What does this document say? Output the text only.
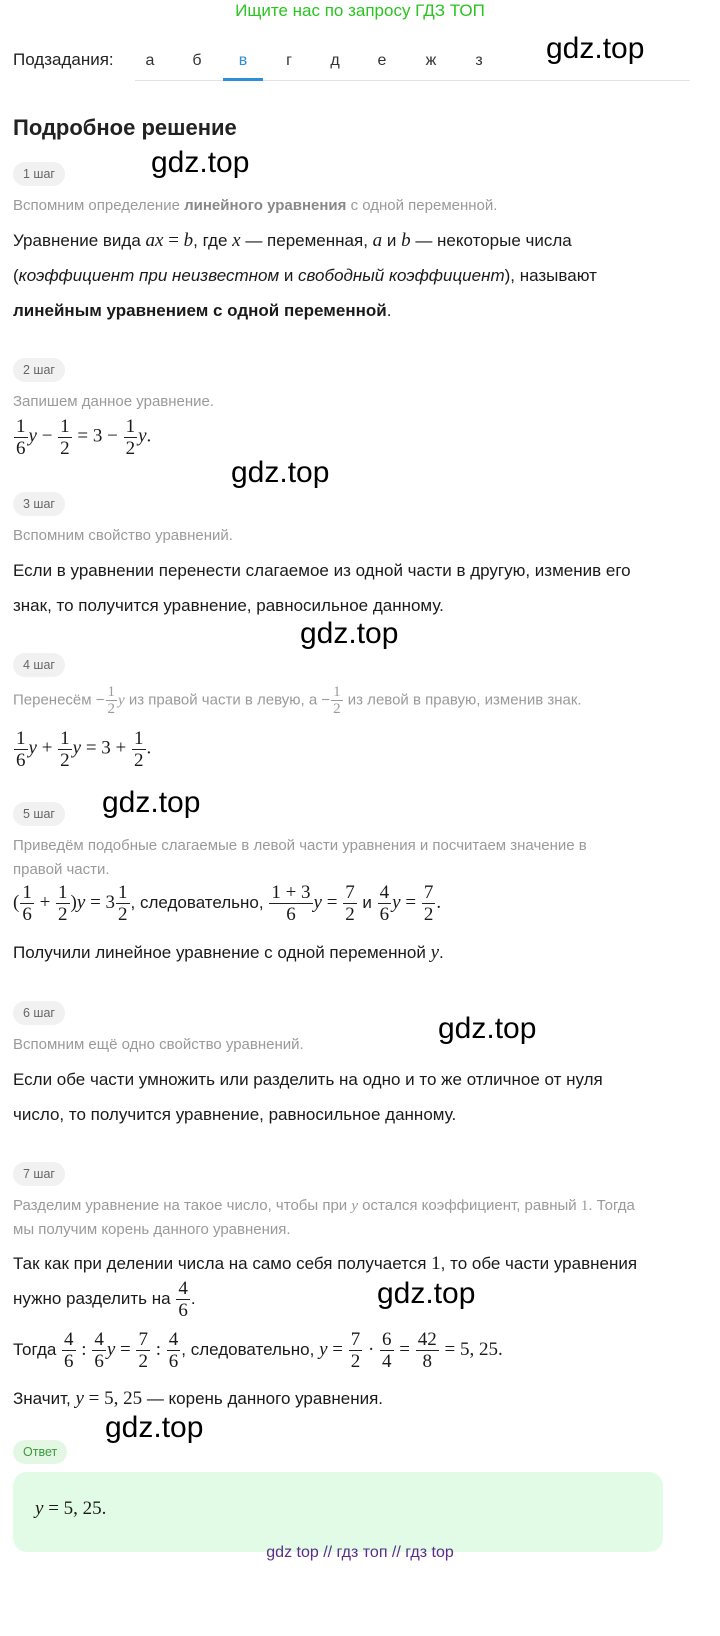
Ищите нас по запросу ГДЗ ТОП
Подзадания:	а	б	в	г	д	е	ж	з	gdz.top
gdz.top
gdz.top
gdz.top
gdz.top
gdz.top
gdz.top
gdz.top
Подробное решение
1 шаг
Вспомним определение линейного уравнения с одной переменной.
Уравнение вида ax = b, где x — переменная, a и b — некоторые числа
(коэффициент при неизвестном и свободный коэффициент), называют
линейным уравнением с одной переменной.
2 шаг
Запишем данное уравнение.
$\frac{1}{6}$ $y - \frac{1}{2} = 3 - \frac{1}{2} y$.
3 шаг
Вспомним свойство уравнений.
Если в уравнении перенести слагаемое из одной части в другую, изменив его
знак, то получится уравнение, равносильное данному.
4 шаг
Перенесём − $\frac{1}{2}$ y из правой части в левую, $а - \frac{1}{2}$ из левой в правую, изменив знак.
$\frac{1}{6}$ $y + \frac{1}{2}$ $y = 3 + \frac{1}{2}$ .
5 шаг
Приведём подобные слагаемые в левой части уравнения и посчитаем значение в
правой части.
( $\frac{1}{6} + \frac{1}{2} )y = 3 \frac{1}{2}$ , следовательно, $\frac{1 + 3}{6}$ $y = \frac{7}{2}$ и $\frac{4}{6}$ $y = \frac{7}{2}$ .
Получили линейное уравнение с одной переменной y.
6 шаг
Вспомним ещё одно свойство уравнений.
Если обе части умножить или разделить на одно и то же отличное от нуля
число, то получится уравнение, равносильное данному.
7 шаг
Разделим уравнение на такое число, чтобы при y остался коэффициент, равный 1. Тогда
мы получим корень данного уравнения.
Так как при делении числа на само себя получается 1, то обе части уравнения
нужно разделить на $\frac{4}{6}$ .
Тогда $\frac{4}{6}$ : $\frac{4}{6}$ $y = \frac{7}{2}$ : $\frac{4}{6}$ , следовательно, $y = \frac{7}{2} \cdot \frac{6}{4} = \frac{42}{8} = 5$, 25.
Значит, y = 5, 25 — корень данного уравнения.
Ответ
y = 5, 25.
gdz top // гдз топ // гдз top
